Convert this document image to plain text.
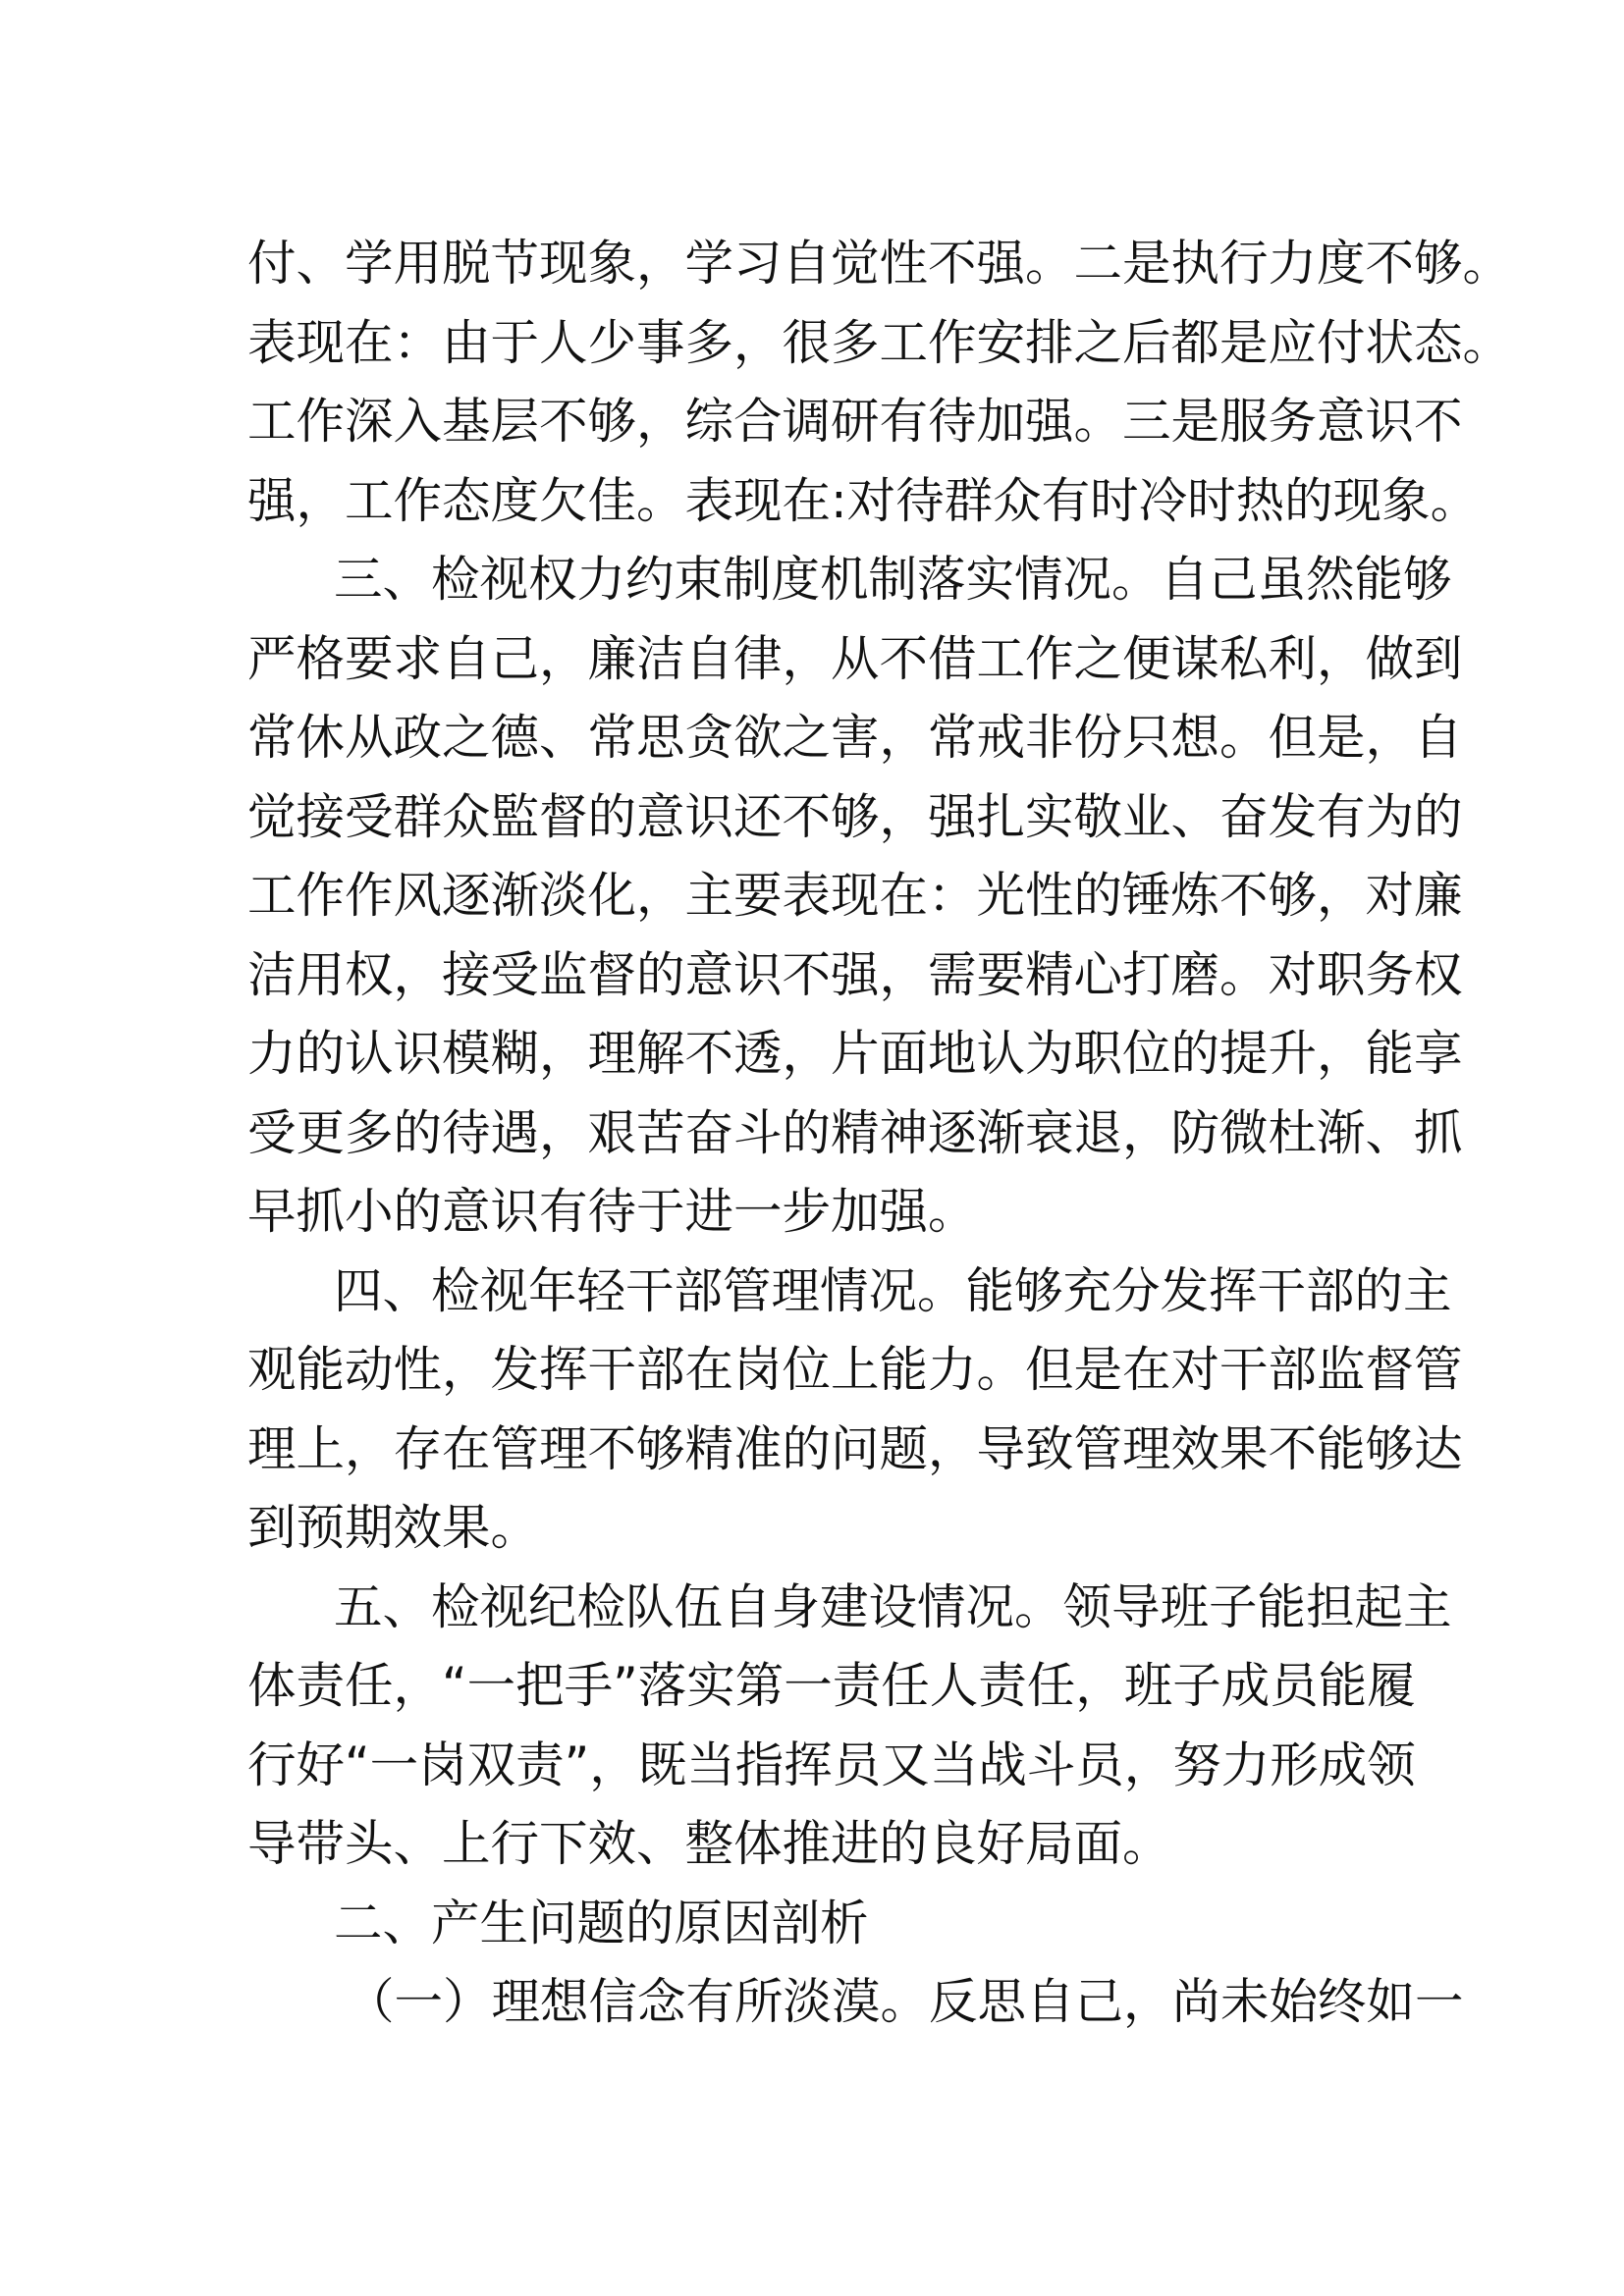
付、学用脱节现象，学习自觉性不强。二是执行力度不够。
表现在：由于人少事多，很多工作安排之后都是应付状态。
工作深入基层不够，综合调研有待加强。三是服务意识不
强，工作态度欠佳。表现在:对待群众有时冷时热的现象。
三、检视权力约束制度机制落实情况。自己虽然能够
严格要求自己，廉洁自律，从不借工作之便谋私利，做到
常休从政之德、常思贪欲之害，常戒非份只想。但是，自
觉接受群众監督的意识还不够，强扎实敬业、奋发有为的
工作作风逐渐淡化，主要表现在：光性的锤炼不够，对廉
洁用权，接受监督的意识不强，需要精心打磨。对职务权
力的认识模糊，理解不透，片面地认为职位的提升，能享
受更多的待遇，艰苦奋斗的精神逐渐衰退，防微杜渐、抓
早抓小的意识有待于进一步加强。
四、检视年轻干部管理情况。能够充分发挥干部的主
观能动性，发挥干部在岗位上能力。但是在对干部监督管
理上，存在管理不够精准的问题，导致管理效果不能够达
到预期效果。
五、检视纪检队伍自身建设情况。领导班子能担起主
体责任，“一把手”落实第一责任人责任，班子成员能履
行好“一岗双责”，既当指挥员又当战斗员，努力形成领
导带头、上行下效、整体推进的良好局面。
二、产生问题的原因剖析
（一）理想信念有所淡漠。反思自己，尚未始终如一
